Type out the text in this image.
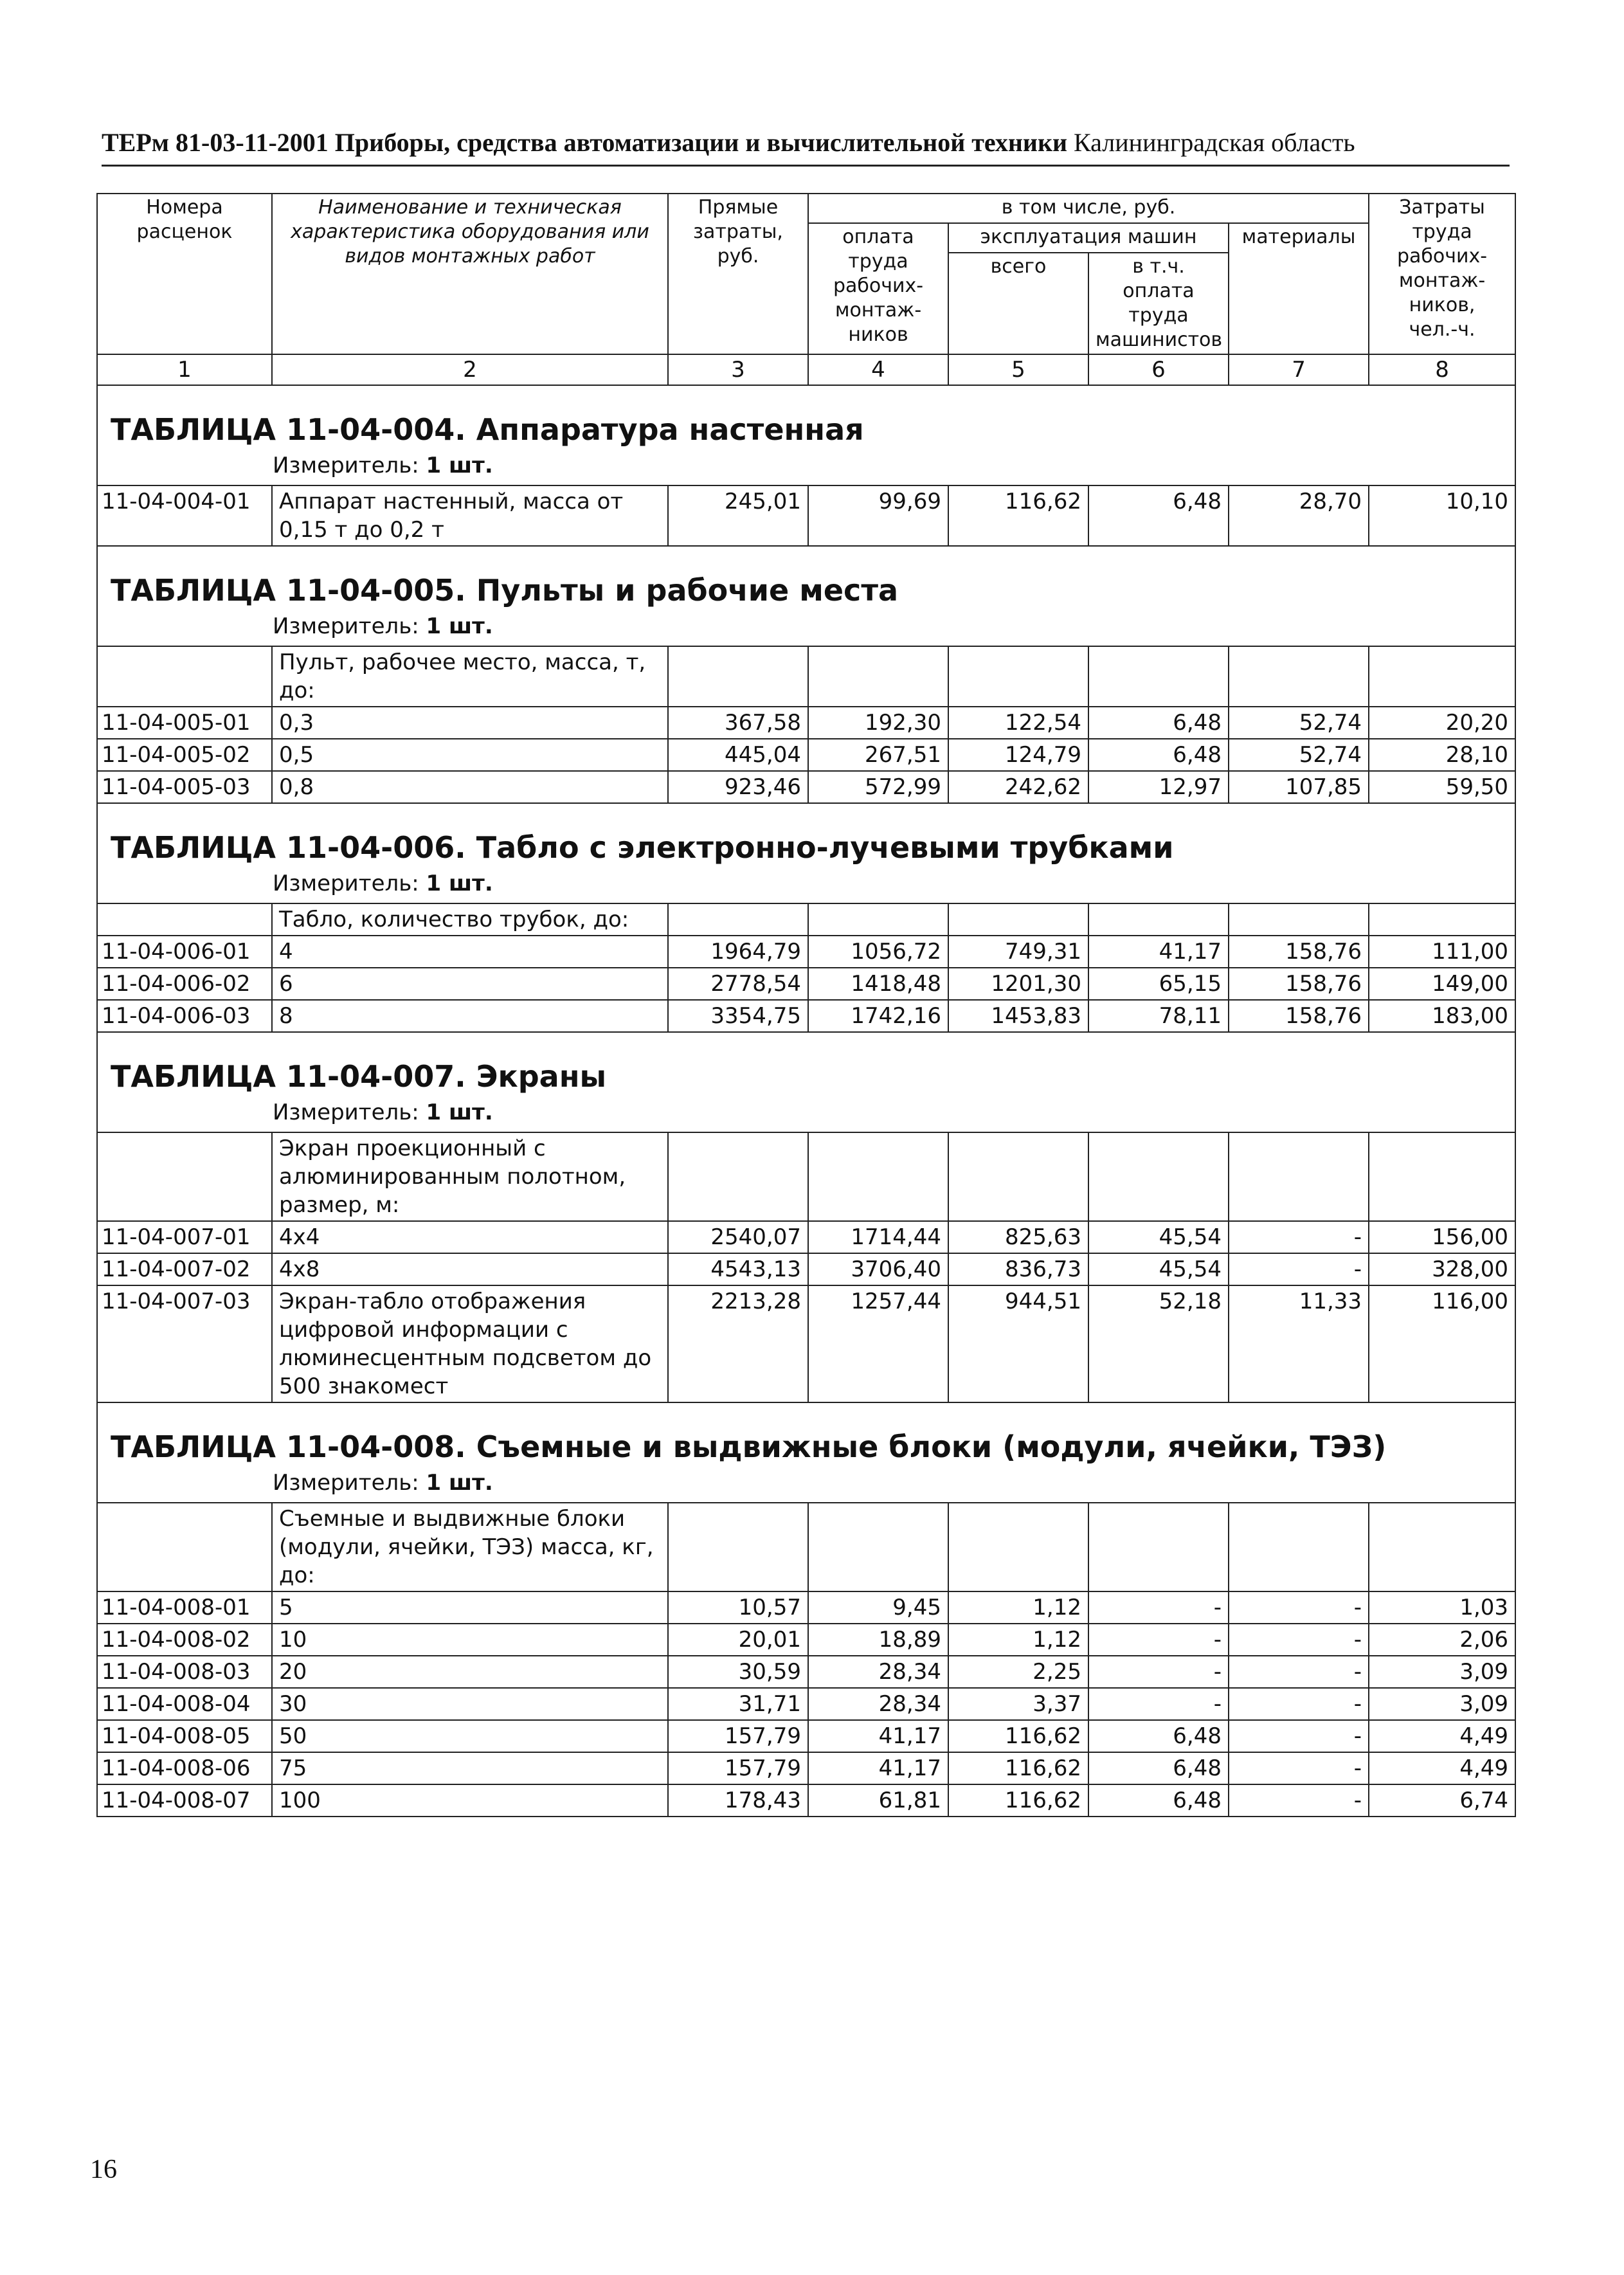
ТЕРм 81-03-11-2001 Приборы, средства автоматизации и вычислительной техники Калининградская область
Номера расценок	Наименование и техническая характеристика оборудования или видов монтажных работ	Прямые затраты, руб.	в том числе, руб.				Затраты труда рабочих-монтаж-ников,
чел.-ч.
			оплата труда рабочих-монтаж-ников	эксплуатация машин		материалы	
				всего	в т.ч. оплата труда машинистов		
1	2	3	4	5	6	7	8

ТАБЛИЦА 11-04-004. Аппаратура настенная
Измеритель: 1 шт.							

11-04-004-01	Аппарат настенный, масса от 0,15 т до 0,2 т	245,01	99,69	116,62	6,48	28,70	10,10

ТАБЛИЦА 11-04-005. Пульты и рабочие места
Измеритель: 1 шт.							

	Пульт, рабочее место, масса, т, до:						
11-04-005-01	0,3	367,58	192,30	122,54	6,48	52,74	20,20
11-04-005-02	0,5	445,04	267,51	124,79	6,48	52,74	28,10
11-04-005-03	0,8	923,46	572,99	242,62	12,97	107,85	59,50

ТАБЛИЦА 11-04-006. Табло с электронно-лучевыми трубками
Измеритель: 1 шт.							

	Табло, количество трубок, до:						
11-04-006-01	4	1964,79	1056,72	749,31	41,17	158,76	111,00
11-04-006-02	6	2778,54	1418,48	1201,30	65,15	158,76	149,00
11-04-006-03	8	3354,75	1742,16	1453,83	78,11	158,76	183,00

ТАБЛИЦА 11-04-007. Экраны
Измеритель: 1 шт.							

	Экран проекционный с алюминированным полотном, размер, м:						
11-04-007-01	4х4	2540,07	1714,44	825,63	45,54	-	156,00
11-04-007-02	4х8	4543,13	3706,40	836,73	45,54	-	328,00
11-04-007-03	Экран-табло отображения цифровой информации с люминесцентным подсветом до 500 знакомест	2213,28	1257,44	944,51	52,18	11,33	116,00

ТАБЛИЦА 11-04-008. Съемные и выдвижные блоки (модули, ячейки, ТЭЗ)
Измеритель: 1 шт.							

	Съемные и выдвижные блоки (модули, ячейки, ТЭЗ) масса, кг, до:						
11-04-008-01	5	10,57	9,45	1,12	-	-	1,03
11-04-008-02	10	20,01	18,89	1,12	-	-	2,06
11-04-008-03	20	30,59	28,34	2,25	-	-	3,09
11-04-008-04	30	31,71	28,34	3,37	-	-	3,09
11-04-008-05	50	157,79	41,17	116,62	6,48	-	4,49
11-04-008-06	75	157,79	41,17	116,62	6,48	-	4,49
11-04-008-07	100	178,43	61,81	116,62	6,48	-	6,74
16
